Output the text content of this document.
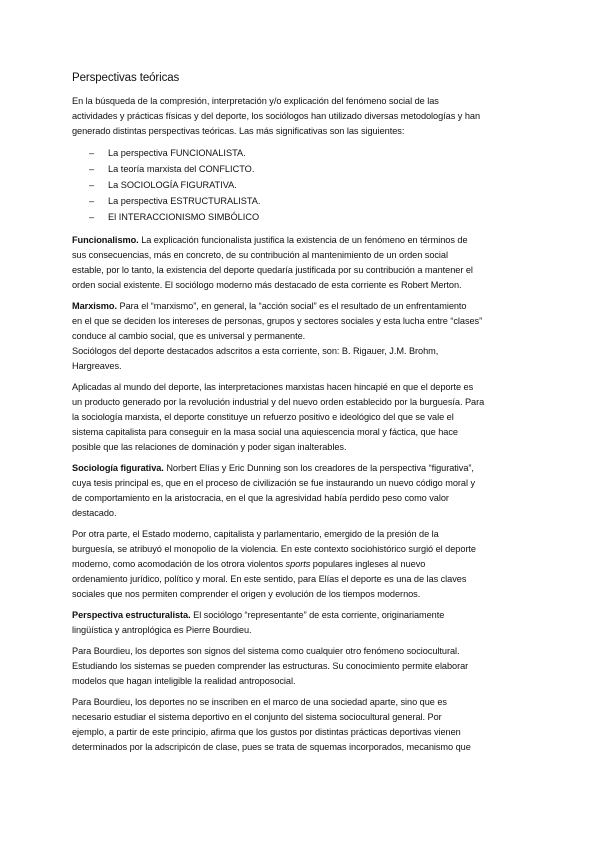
Perspectivas teóricas

En la búsqueda de la compresión, interpretación y/o explicación del fenómeno social de las
actividades y prácticas físicas y del deporte, los sociólogos han utilizado diversas metodologías y han
generado distintas perspectivas teóricas. Las más significativas son las siguientes:

– La perspectiva FUNCIONALISTA.
– La teoría marxista del CONFLICTO.
– La SOCIOLOGÍA FIGURATIVA.
– La perspectiva ESTRUCTURALISTA.
– El INTERACCIONISMO SIMBÓLICO

Funcionalismo. La explicación funcionalista justifica la existencia de un fenómeno en términos de
sus consecuencias, más en concreto, de su contribución al mantenimiento de un orden social
estable, por lo tanto, la existencia del deporte quedaría justificada por su contribución a mantener el
orden social existente. El sociólogo moderno más destacado de esta corriente es Robert Merton.

Marxismo. Para el “marxismo”, en general, la “acción social” es el resultado de un enfrentamiento
en el que se deciden los intereses de personas, grupos y sectores sociales y esta lucha entre “clases”
conduce al cambio social, que es universal y permanente.
Sociólogos del deporte destacados adscritos a esta corriente, son: B. Rigauer, J.M. Brohm,
Hargreaves.

Aplicadas al mundo del deporte, las interpretaciones marxistas hacen hincapié en que el deporte es
un producto generado por la revolución industrial y del nuevo orden establecido por la burguesía. Para
la sociología marxista, el deporte constituye un refuerzo positivo e ideológico del que se vale el
sistema capitalista para conseguir en la masa social una aquiescencia moral y fáctica, que hace
posible que las relaciones de dominación y poder sigan inalterables.

Sociología figurativa. Norbert Elías y Eric Dunning son los creadores de la perspectiva “figurativa”,
cuya tesis principal es, que en el proceso de civilización se fue instaurando un nuevo código moral y
de comportamiento en la aristocracia, en el que la agresividad había perdido peso como valor
destacado.

Por otra parte, el Estado moderno, capitalista y parlamentario, emergido de la presión de la
burguesía, se atribuyó el monopolio de la violencia. En este contexto sociohistórico surgió el deporte
moderno, como acomodación de los otrora violentos sports populares ingleses al nuevo
ordenamiento jurídico, político y moral. En este sentido, para Elías el deporte es una de las claves
sociales que nos permiten comprender el origen y evolución de los tiempos modernos.

Perspectiva estructuralista. El sociólogo “representante” de esta corriente, originariamente
lingüística y antroplógica es Pierre Bourdieu.

Para Bourdieu, los deportes son signos del sistema como cualquier otro fenómeno sociocultural.
Estudiando los sistemas se pueden comprender las estructuras. Su conocimiento permite elaborar
modelos que hagan inteligible la realidad antroposocial.

Para Bourdieu, los deportes no se inscriben en el marco de una sociedad aparte, sino que es
necesario estudiar el sistema deportivo en el conjunto del sistema sociocultural general. Por
ejemplo, a partir de este principio, afirma que los gustos por distintas prácticas deportivas vienen
determinados por la adscripicón de clase, pues se trata de squemas incorporados, mecanismo que
